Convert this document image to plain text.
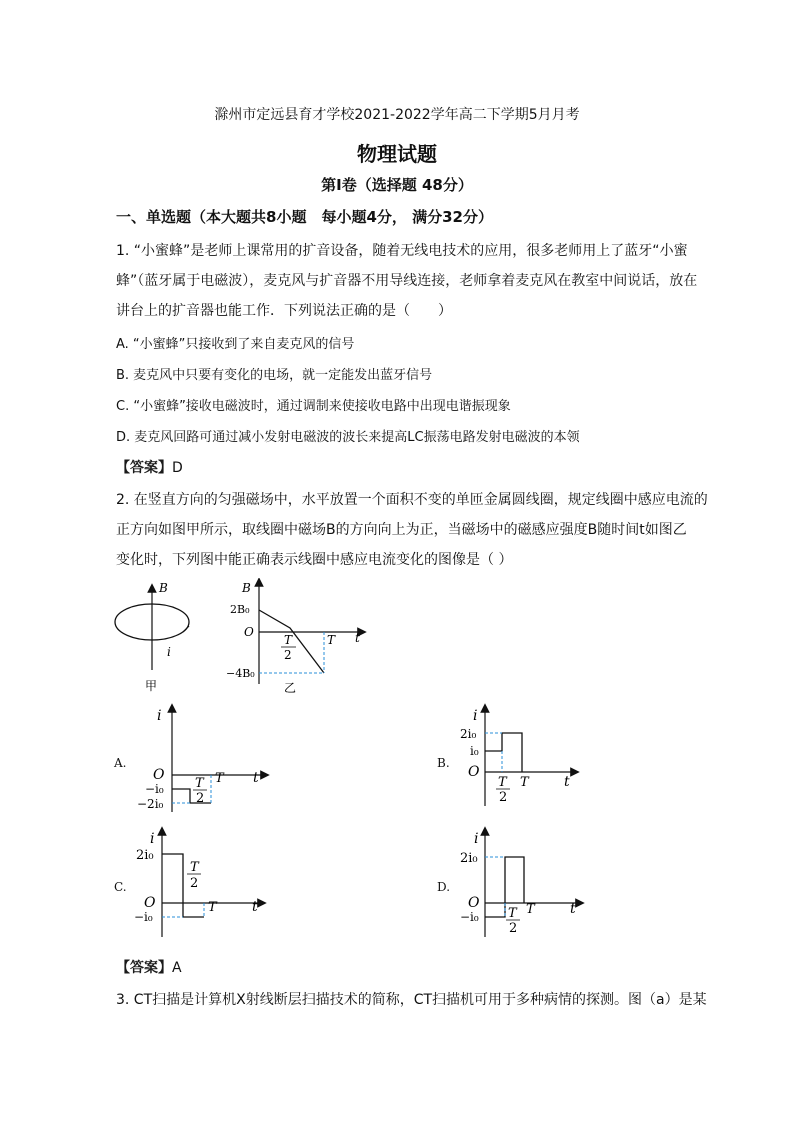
滁州市定远县育才学校2021-2022学年高二下学期5月月考
物理试题
第Ⅰ卷（选择题 48分）
一、单选题（本大题共8小题　每小题4分， 满分32分）
1. “小蜜蜂”是老师上课常用的扩音设备，随着无线电技术的应用，很多老师用上了蓝牙“小蜜
蜂”（蓝牙属于电磁波），麦克风与扩音器不用导线连接，老师拿着麦克风在教室中间说话，放在
讲台上的扩音器也能工作．下列说法正确的是（　　）
A. “小蜜蜂”只接收到了来自麦克风的信号
B. 麦克风中只要有变化的电场，就一定能发出蓝牙信号
C. “小蜜蜂”接收电磁波时，通过调制来使接收电路中出现电谐振现象
D. 麦克风回路可通过减小发射电磁波的波长来提高LC振荡电路发射电磁波的本领
【答案】D
2. 在竖直方向的匀强磁场中，水平放置一个面积不变的单匝金属圆线圈，规定线圈中感应电流的
正方向如图甲所示，取线圈中磁场B的方向向上为正，当磁场中的磁感应强度B随时间t如图乙
变化时，下列图中能正确表示线圈中感应电流变化的图像是（ ）
B
i
甲
B
2B₀
O
T
2
T t
−4B₀
乙
A.
i
O
−i₀
−2i₀
T
2
T t
B.
i
2i₀
i₀
O
T
2
T	t
C.
i
2i₀
T
2
O
−i₀
T	t
D.
i
2i₀
O
−i₀ T
2
T	t
【答案】A
3. CT扫描是计算机X射线断层扫描技术的简称，CT扫描机可用于多种病情的探测。图（a）是某
